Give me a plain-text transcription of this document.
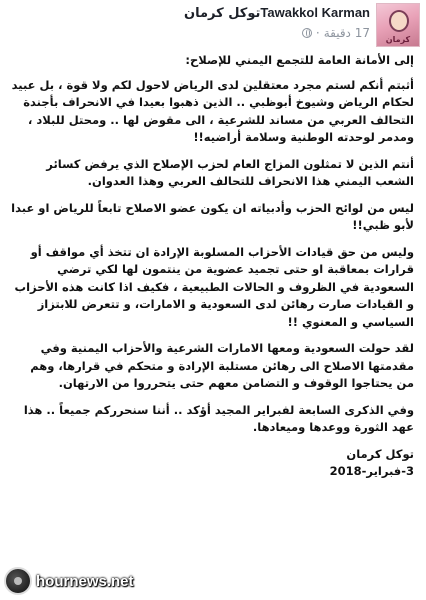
كرمان
توكل كرمانTawakkol Karman
17 دقيقة·

إلى الأمانة العامة للتجمع اليمني للإصلاح:

أثبتم أنكم لستم مجرد معتقلين لدى الرياض لاحول لكم ولا قوة ، بل عبيد لحكام الرياض وشيوخ أبوظبي .. الذين ذهبوا بعيدا في الانحراف بأجندة التحالف العربي من مساند للشرعية ، الى مقوض لها .. ومحتل للبلاد ، ومدمر لوحدته الوطنية وسلامة أراضيه!!

أنتم الذين لا تمثلون المزاج العام لحزب الإصلاح الذي يرفض كسائر الشعب اليمني هذا الانحراف للتحالف العربي وهذا العدوان.

ليس من لوائح الحزب وأدبياته ان يكون عضو الاصلاح تابعاً للرياض او عبدا لأبو ظبي!!

وليس من حق قيادات الأحزاب المسلوبة الإرادة ان تتخذ أي مواقف أو قرارات بمعاقبة او حتى تجميد عضوية من ينتمون لها لكي ترضي السعودية في الظروف و الحالات الطبيعية ، فكيف اذا كانت هذه الأحزاب و القيادات صارت رهائن لدى السعودية و الامارات، و تتعرض للابتزاز السياسي و المعنوي !!

لقد حولت السعودية ومعها الامارات الشرعية والأحزاب اليمنية وفي مقدمتها الاصلاح الى رهائن مستلبة الإرادة و متحكم في قرارها، وهم من يحتاجوا الوقوف و التضامن معهم حتى يتحرروا من الارتهان.

وفي الذكرى السابعة لفبراير المجيد أؤكد .. أننا سنحرركم جميعاً .. هذا عهد الثورة ووعدها وميعادها.

توكل كرمان

3-فبراير-2018

hournews.net
